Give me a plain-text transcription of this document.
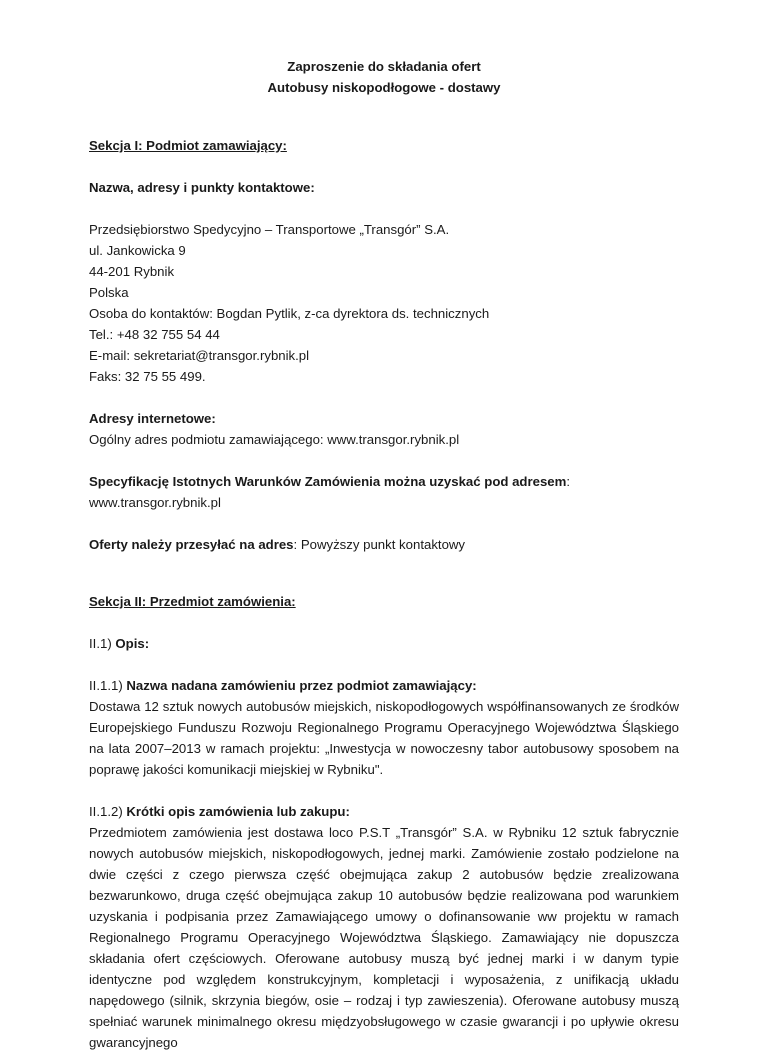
Zaproszenie do składania ofert
Autobusy niskopodłogowe - dostawy

Sekcja I: Podmiot zamawiający:

Nazwa, adresy i punkty kontaktowe:

Przedsiębiorstwo Spedycyjno – Transportowe „Transgór” S.A.

ul. Jankowicka 9

44-201 Rybnik

Polska

Osoba do kontaktów: Bogdan Pytlik, z-ca dyrektora ds. technicznych

Tel.: +48 32 755 54 44

E-mail: sekretariat@transgor.rybnik.pl

Faks: 32 75 55 499.

Adresy internetowe:

Ogólny adres podmiotu zamawiającego: www.transgor.rybnik.pl

Specyfikację Istotnych Warunków Zamówienia można uzyskać pod adresem: www.transgor.rybnik.pl

Oferty należy przesyłać na adres: Powyższy punkt kontaktowy

Sekcja II: Przedmiot zamówienia:

II.1) Opis:

II.1.1) Nazwa nadana zamówieniu przez podmiot zamawiający:

Dostawa 12 sztuk nowych autobusów miejskich, niskopodłogowych współfinansowanych ze środków Europejskiego Funduszu Rozwoju Regionalnego Programu Operacyjnego Województwa Śląskiego na lata 2007–2013 w ramach projektu: „Inwestycja w nowoczesny tabor autobusowy sposobem na poprawę jakości komunikacji miejskiej w Rybniku".

II.1.2) Krótki opis zamówienia lub zakupu:

Przedmiotem zamówienia jest dostawa loco P.S.T „Transgór” S.A. w Rybniku 12 sztuk fabrycznie nowych autobusów miejskich, niskopodłogowych, jednej marki. Zamówienie zostało podzielone na dwie części z czego pierwsza część obejmująca zakup 2 autobusów będzie zrealizowana bezwarunkowo, druga część obejmująca zakup 10 autobusów będzie realizowana pod warunkiem uzyskania i podpisania przez Zamawiającego umowy o dofinansowanie ww projektu w ramach Regionalnego Programu Operacyjnego Województwa Śląskiego. Zamawiający nie dopuszcza składania ofert częściowych. Oferowane autobusy muszą być jednej marki i w danym typie identyczne pod względem konstrukcyjnym, kompletacji i wyposażenia, z unifikacją układu napędowego (silnik, skrzynia biegów, osie – rodzaj i typ zawieszenia). Oferowane autobusy muszą spełniać warunek minimalnego okresu międzyobsługowego w czasie gwarancji i po upływie okresu gwarancyjnego
